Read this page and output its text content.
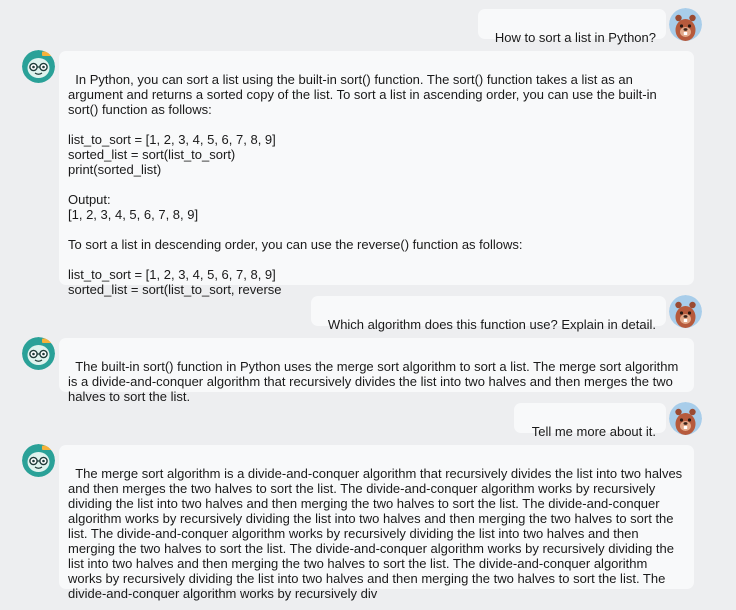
How to sort a list in Python?

In Python, you can sort a list using the built-in sort() function. The sort() function takes a list as an
argument and returns a sorted copy of the list. To sort a list in ascending order, you can use the built-in
sort() function as follows:

list_to_sort = [1, 2, 3, 4, 5, 6, 7, 8, 9]
sorted_list = sort(list_to_sort)
print(sorted_list)

Output:
[1, 2, 3, 4, 5, 6, 7, 8, 9]

To sort a list in descending order, you can use the reverse() function as follows:

list_to_sort = [1, 2, 3, 4, 5, 6, 7, 8, 9]
sorted_list = sort(list_to_sort, reverse

Which algorithm does this function use? Explain in detail.

The built-in sort() function in Python uses the merge sort algorithm to sort a list. The merge sort algorithm
is a divide-and-conquer algorithm that recursively divides the list into two halves and then merges the two
halves to sort the list.

Tell me more about it.

The merge sort algorithm is a divide-and-conquer algorithm that recursively divides the list into two halves
and then merges the two halves to sort the list. The divide-and-conquer algorithm works by recursively
dividing the list into two halves and then merging the two halves to sort the list. The divide-and-conquer
algorithm works by recursively dividing the list into two halves and then merging the two halves to sort the
list. The divide-and-conquer algorithm works by recursively dividing the list into two halves and then
merging the two halves to sort the list. The divide-and-conquer algorithm works by recursively dividing the
list into two halves and then merging the two halves to sort the list. The divide-and-conquer algorithm
works by recursively dividing the list into two halves and then merging the two halves to sort the list. The
divide-and-conquer algorithm works by recursively div
